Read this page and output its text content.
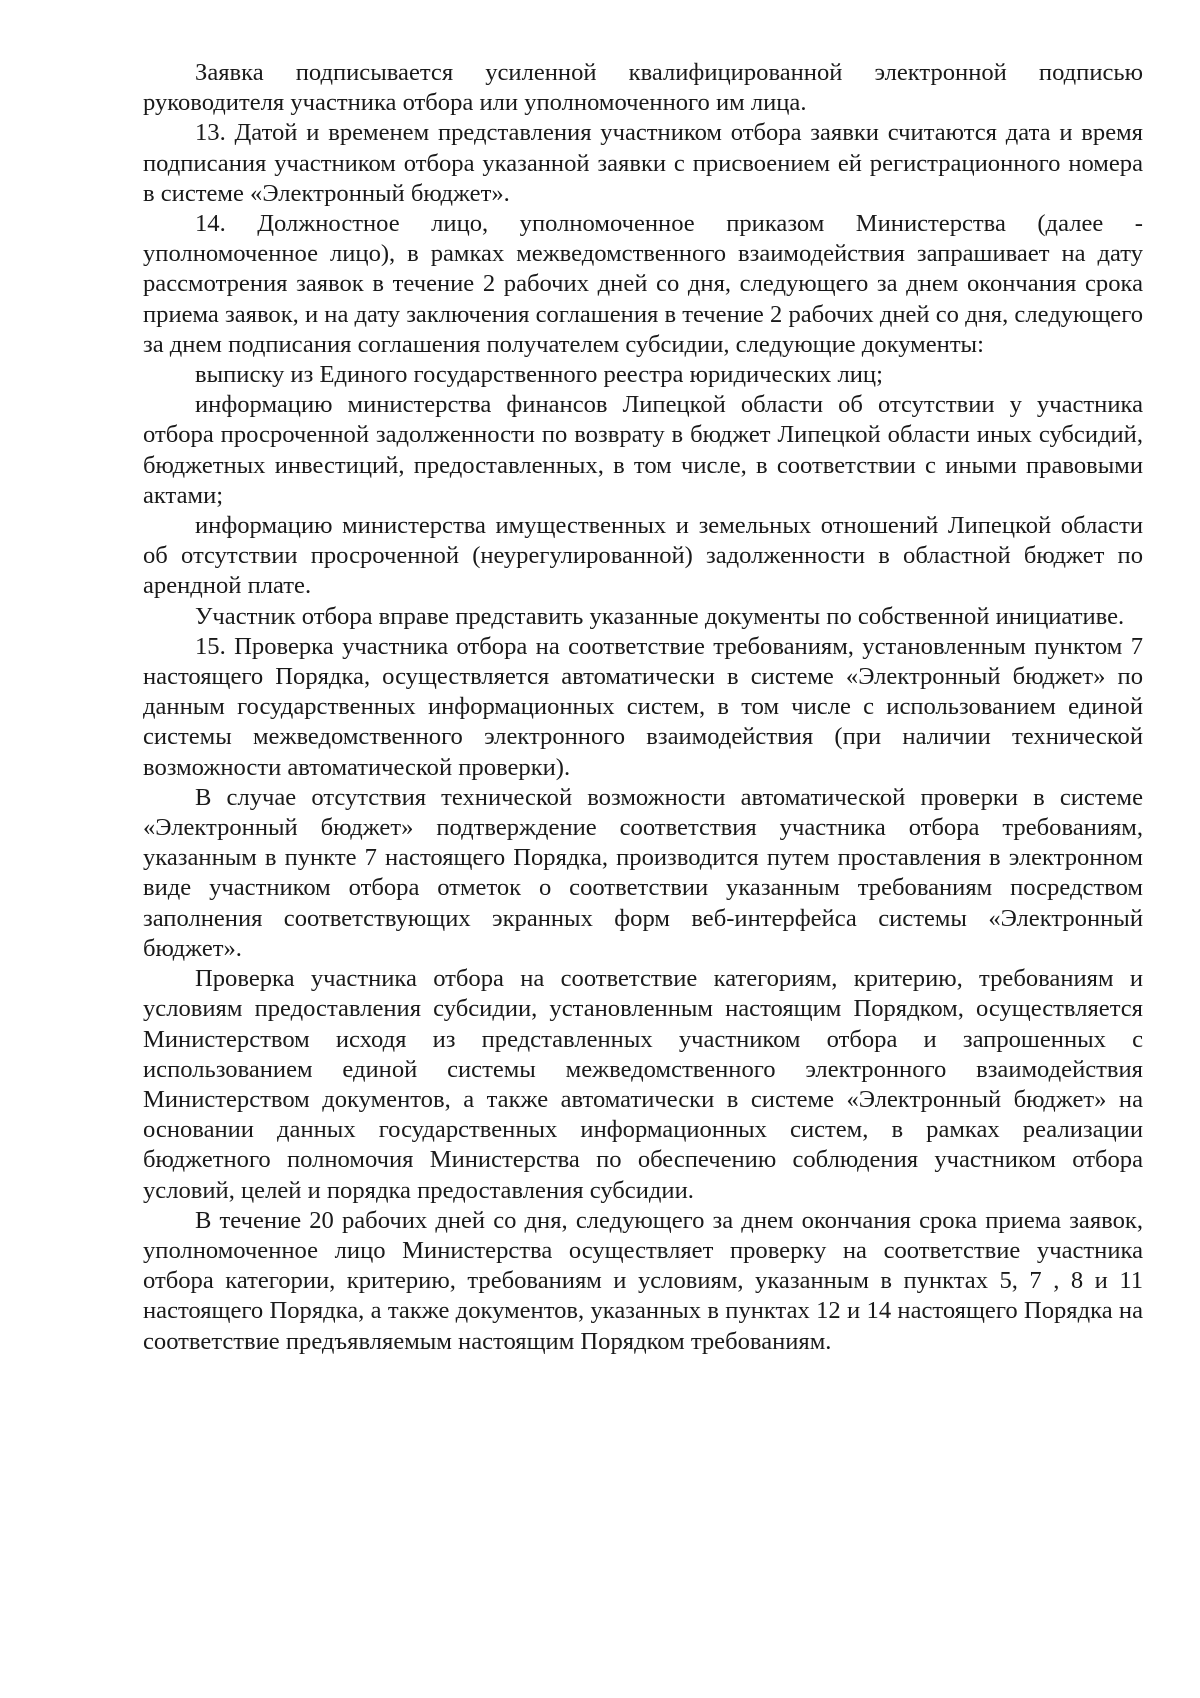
Заявка подписывается усиленной квалифицированной электронной подписью руководителя участника отбора или уполномоченного им лица.

13. Датой и временем представления участником отбора заявки считаются дата и время подписания участником отбора указанной заявки с присвоением ей регистрационного номера в системе «Электронный бюджет».

14. Должностное лицо, уполномоченное приказом Министерства (далее - уполномоченное лицо), в рамках межведомственного взаимодействия запрашивает на дату рассмотрения заявок в течение 2 рабочих дней со дня, следующего за днем окончания срока приема заявок, и на дату заключения соглашения в течение 2 рабочих дней со дня, следующего за днем подписания соглашения получателем субсидии, следующие документы:

выписку из Единого государственного реестра юридических лиц;

информацию министерства финансов Липецкой области об отсутствии у участника отбора просроченной задолженности по возврату в бюджет Липецкой области иных субсидий, бюджетных инвестиций, предоставленных, в том числе, в соответствии с иными правовыми актами;

информацию министерства имущественных и земельных отношений Липецкой области об отсутствии просроченной (неурегулированной) задолженности в областной бюджет по арендной плате.

Участник отбора вправе представить указанные документы по собственной инициативе.

15. Проверка участника отбора на соответствие требованиям, установленным пунктом 7 настоящего Порядка, осуществляется автоматически в системе «Электронный бюджет» по данным государственных информационных систем, в том числе с использованием единой системы межведомственного электронного взаимодействия (при наличии технической возможности автоматической проверки).

В случае отсутствия технической возможности автоматической проверки в системе «Электронный бюджет» подтверждение соответствия участника отбора требованиям, указанным в пункте 7 настоящего Порядка, производится путем проставления в электронном виде участником отбора отметок о соответствии указанным требованиям посредством заполнения соответствующих экранных форм веб-интерфейса системы «Электронный бюджет».

Проверка участника отбора на соответствие категориям, критерию, требованиям и условиям предоставления субсидии, установленным настоящим Порядком, осуществляется Министерством исходя из представленных участником отбора и запрошенных с использованием единой системы межведомственного электронного взаимодействия Министерством документов, а также автоматически в системе «Электронный бюджет» на основании данных государственных информационных систем, в рамках реализации бюджетного полномочия Министерства по обеспечению соблюдения участником отбора условий, целей и порядка предоставления субсидии.

В течение 20 рабочих дней со дня, следующего за днем окончания срока приема заявок, уполномоченное лицо Министерства осуществляет проверку на соответствие участника отбора категории, критерию, требованиям и условиям, указанным в пунктах 5, 7 , 8 и 11 настоящего Порядка, а также документов, указанных в пунктах 12 и 14 настоящего Порядка на соответствие предъявляемым настоящим Порядком требованиям.
